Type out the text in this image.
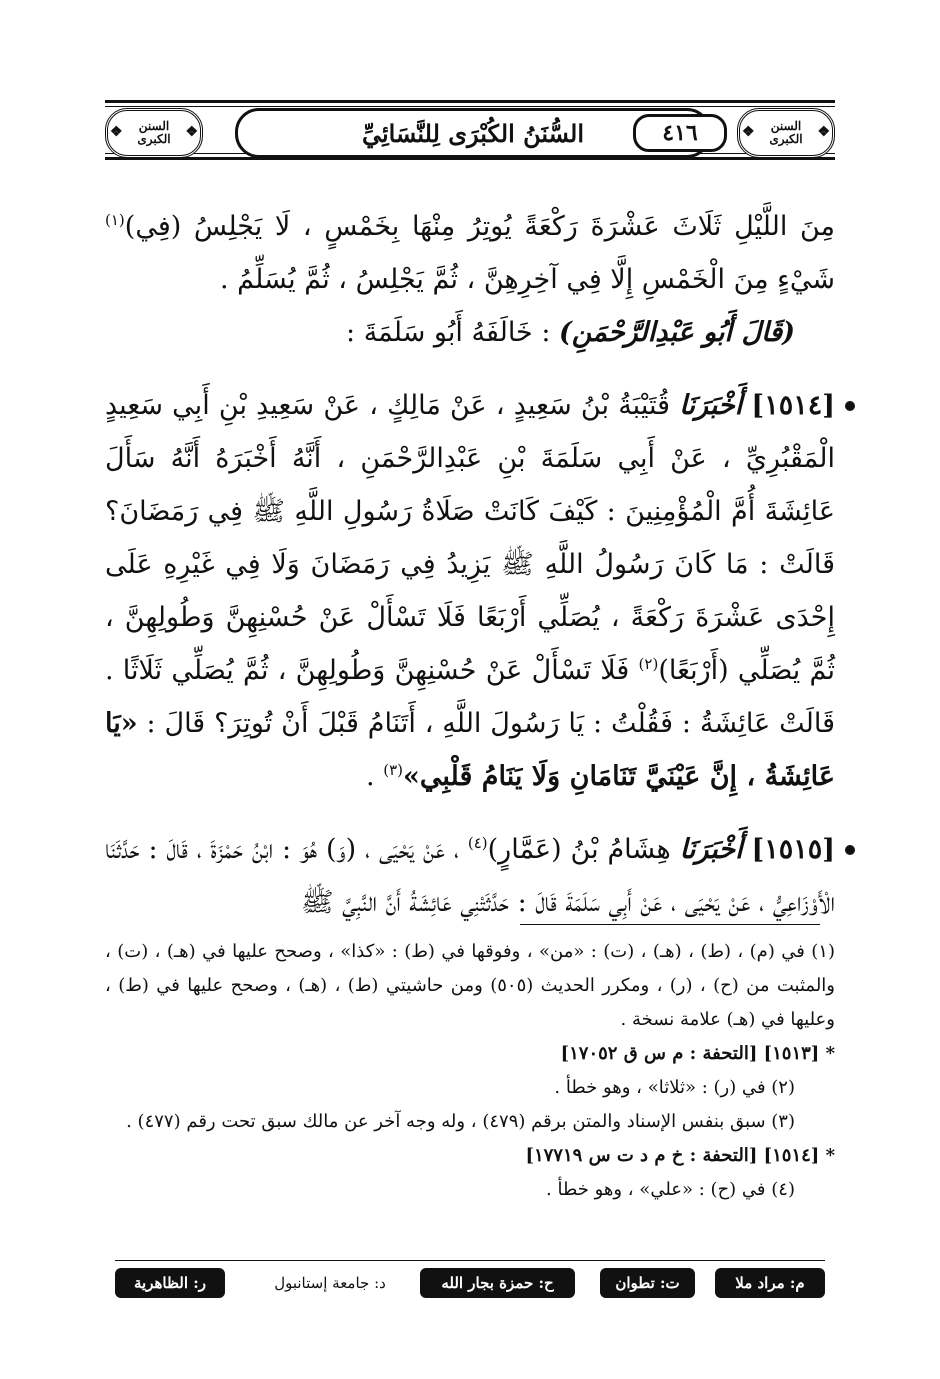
❖ السنن الكبرى
❖
❖ السنن الكبرى
❖
السُّنَنُ الكُبْرَى لِلنَّسَائِيِّ	٤١٦

مِنَ اللَّيْلِ ثَلَاثَ عَشْرَةَ رَكْعَةً يُوتِرُ مِنْهَا بِخَمْسٍ ، لَا يَجْلِسُ (فِي)$^{(١)}$ شَيْءٍ مِنَ الْخَمْسِ إِلَّا فِي آخِرِهِنَّ ، ثُمَّ يَجْلِسُ ، ثُمَّ يُسَلِّمُ .

(قَالَ أَبُو عَبْدِالرَّحْمَنِ) : خَالَفَهُ أَبُو سَلَمَةَ :

[١٥١٤] أَخْبَرَنَا قُتَيْبَةُ بْنُ سَعِيدٍ ، عَنْ مَالِكٍ ، عَنْ سَعِيدِ بْنِ أَبِي سَعِيدٍ الْمَقْبُرِيِّ ، عَنْ أَبِي سَلَمَةَ بْنِ عَبْدِالرَّحْمَنِ ، أَنَّهُ أَخْبَرَهُ أَنَّهُ سَأَلَ عَائِشَةَ أُمَّ الْمُؤْمِنِينَ : كَيْفَ كَانَتْ صَلَاةُ رَسُولِ اللَّهِ ﷺ فِي رَمَضَانَ؟ قَالَتْ : مَا كَانَ رَسُولُ اللَّهِ ﷺ يَزِيدُ فِي رَمَضَانَ وَلَا فِي غَيْرِهِ عَلَى إِحْدَى عَشْرَةَ رَكْعَةً ، يُصَلِّي أَرْبَعًا فَلَا تَسْأَلْ عَنْ حُسْنِهِنَّ وَطُولِهِنَّ ، ثُمَّ يُصَلِّي (أَرْبَعًا)$^{(٢)}$ فَلَا تَسْأَلْ عَنْ حُسْنِهِنَّ وَطُولِهِنَّ ، ثُمَّ يُصَلِّي ثَلَاثًا . قَالَتْ عَائِشَةُ : فَقُلْتُ : يَا رَسُولَ اللَّهِ ، أَتَنَامُ قَبْلَ أَنْ تُوتِرَ؟ قَالَ : «يَا عَائِشَةُ ، إِنَّ عَيْنَيَّ تَنَامَانِ وَلَا يَنَامُ قَلْبِي»$^{(٣)}$ .

[١٥١٥] أَخْبَرَنَا هِشَامُ بْنُ (عَمَّارٍ)$^{(٤)}$ ، عَنْ يَحْيَى ، (وَ) هُوَ : ابْنُ حَمْزَةَ ، قَالَ : حَدَّثَنَا الْأَوْزَاعِيُّ ، عَنْ يَحْيَى ، عَنْ أَبِي سَلَمَةَ قَالَ : حَدَّثَتْنِي عَائِشَةُ أَنَّ النَّبِيَّ ﷺ

(١) في (م) ، (ط) ، (هـ) ، (ت) : «من» ، وفوقها في (ط) : «كذا» ، وصحح عليها في (هـ) ، (ت) ، والمثبت من (ح) ، (ر) ، ومكرر الحديث (٥٠٥) ومن حاشيتي (ط) ، (هـ) ، وصحح عليها في (ط) ، وعليها في (هـ) علامة نسخة .

* [١٥١٣] [التحفة : م س ق ١٧٠٥٢]

(٢) في (ر) : «ثلاثا» ، وهو خطأ .

(٣) سبق بنفس الإسناد والمتن برقم (٤٧٩) ، وله وجه آخر عن مالك سبق تحت رقم (٤٧٧) .

* [١٥١٤] [التحفة : خ م د ت س ١٧٧١٩]

(٤) في (ح) : «علي» ، وهو خطأ .

م: مراد ملا
ت: تطوان
ح: حمزة بجار الله
د: جامعة إستانبول
ر: الظاهرية
